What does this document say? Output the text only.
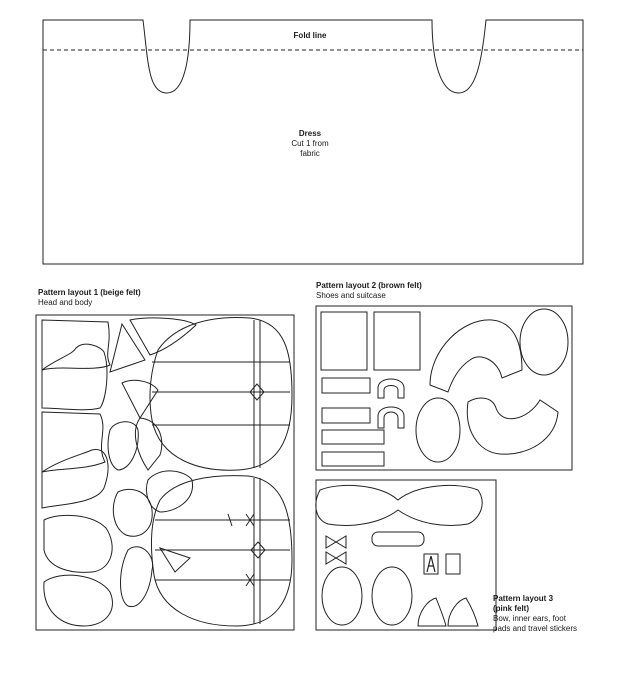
Fold line
Dress
Cut 1 from
fabric
Pattern layout 1 (beige felt)
Head and body
Pattern layout 2 (brown felt)
Shoes and suitcase
Pattern layout 3
(pink felt)
Bow, inner ears, foot
pads and travel stickers
